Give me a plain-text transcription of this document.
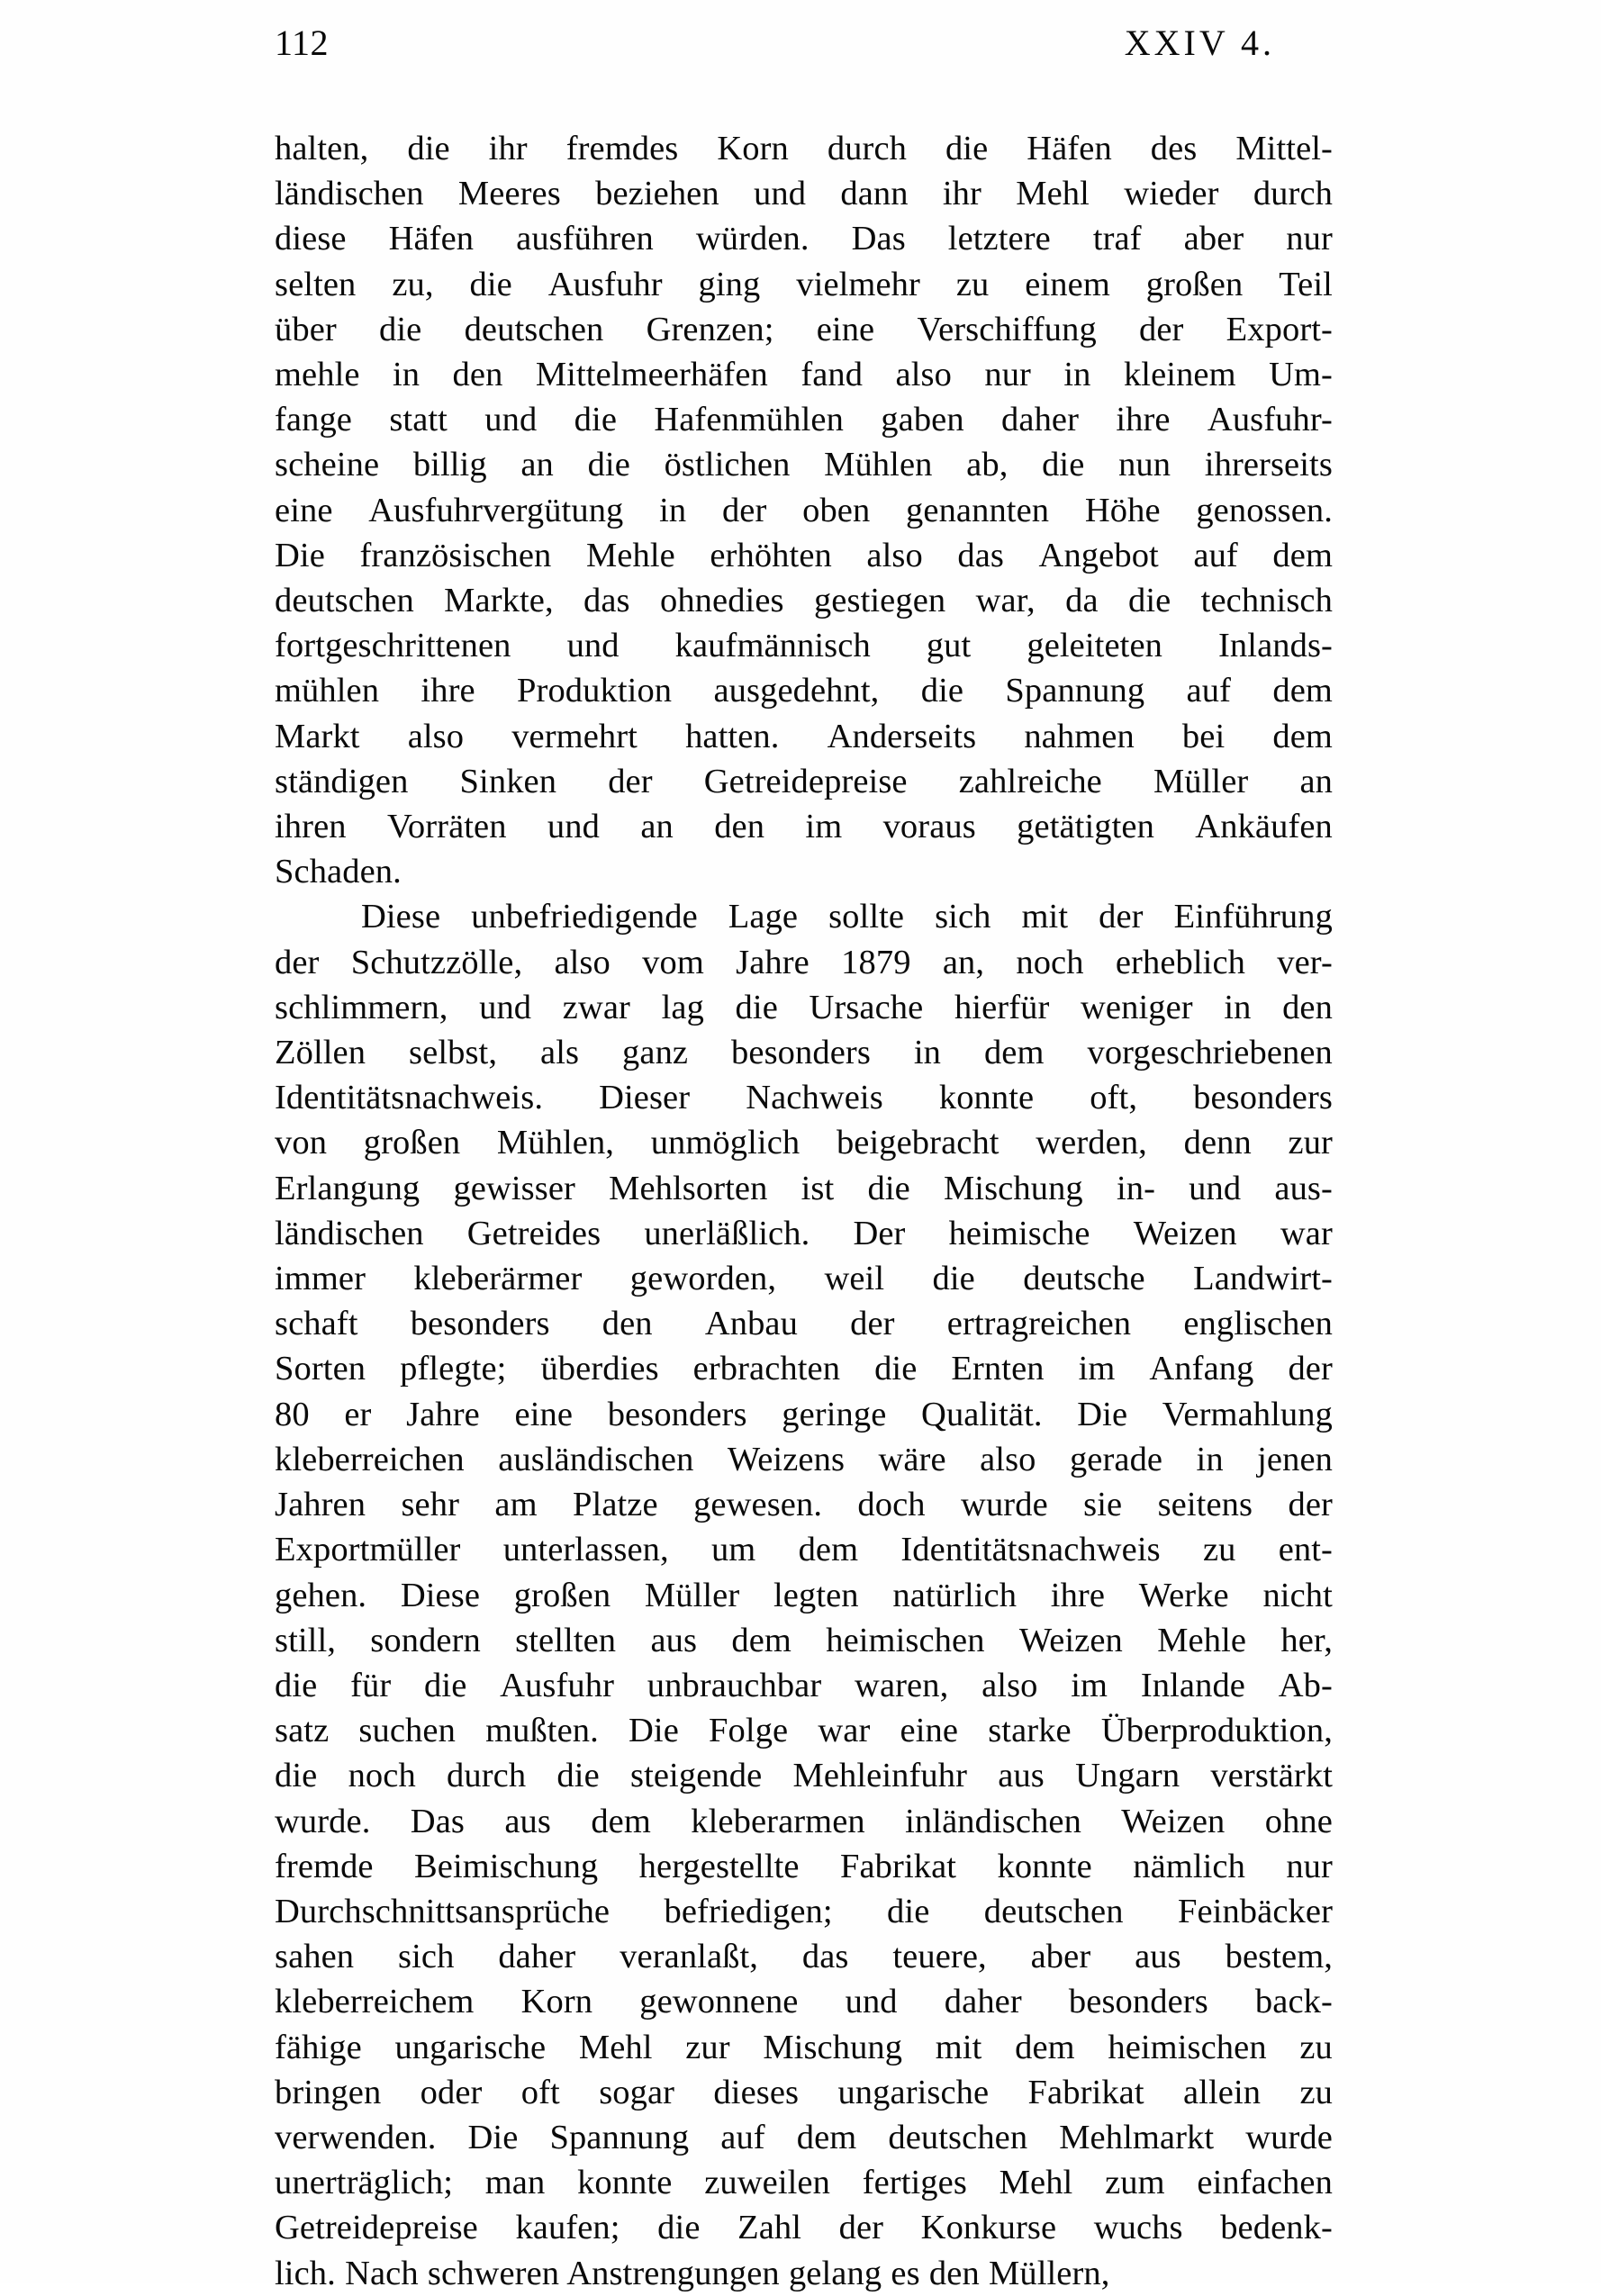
112	XXIV 4.

halten, die ihr fremdes Korn durch die Häfen des Mittel-
ländischen Meeres beziehen und dann ihr Mehl wieder durch
diese Häfen ausführen würden. Das letztere traf aber nur
selten zu, die Ausfuhr ging vielmehr zu einem großen Teil
über die deutschen Grenzen; eine Verschiffung der Export-
mehle in den Mittelmeerhäfen fand also nur in kleinem Um-
fange statt und die Hafenmühlen gaben daher ihre Ausfuhr-
scheine billig an die östlichen Mühlen ab, die nun ihrerseits
eine Ausfuhrvergütung in der oben genannten Höhe genossen.
Die französischen Mehle erhöhten also das Angebot auf dem
deutschen Markte, das ohnedies gestiegen war, da die technisch
fortgeschrittenen und kaufmännisch gut geleiteten Inlands-
mühlen ihre Produktion ausgedehnt, die Spannung auf dem
Markt also vermehrt hatten. Anderseits nahmen bei dem
ständigen Sinken der Getreidepreise zahlreiche Müller an
ihren Vorräten und an den im voraus getätigten Ankäufen
Schaden.

Diese unbefriedigende Lage sollte sich mit der Einführung
der Schutzzölle, also vom Jahre 1879 an, noch erheblich ver-
schlimmern, und zwar lag die Ursache hierfür weniger in den
Zöllen selbst, als ganz besonders in dem vorgeschriebenen
Identitätsnachweis. Dieser Nachweis konnte oft, besonders
von großen Mühlen, unmöglich beigebracht werden, denn zur
Erlangung gewisser Mehlsorten ist die Mischung in- und aus-
ländischen Getreides unerläßlich. Der heimische Weizen war
immer kleberärmer geworden, weil die deutsche Landwirt-
schaft besonders den Anbau der ertragreichen englischen
Sorten pflegte; überdies erbrachten die Ernten im Anfang der
80 er Jahre eine besonders geringe Qualität. Die Vermahlung
kleberreichen ausländischen Weizens wäre also gerade in jenen
Jahren sehr am Platze gewesen. doch wurde sie seitens der
Exportmüller unterlassen, um dem Identitätsnachweis zu ent-
gehen. Diese großen Müller legten natürlich ihre Werke nicht
still, sondern stellten aus dem heimischen Weizen Mehle her,
die für die Ausfuhr unbrauchbar waren, also im Inlande Ab-
satz suchen mußten. Die Folge war eine starke Überproduktion,
die noch durch die steigende Mehleinfuhr aus Ungarn verstärkt
wurde. Das aus dem kleberarmen inländischen Weizen ohne
fremde Beimischung hergestellte Fabrikat konnte nämlich nur
Durchschnittsansprüche befriedigen; die deutschen Feinbäcker
sahen sich daher veranlaßt, das teuere, aber aus bestem,
kleberreichem Korn gewonnene und daher besonders back-
fähige ungarische Mehl zur Mischung mit dem heimischen zu
bringen oder oft sogar dieses ungarische Fabrikat allein zu
verwenden. Die Spannung auf dem deutschen Mehlmarkt wurde
unerträglich; man konnte zuweilen fertiges Mehl zum einfachen
Getreidepreise kaufen; die Zahl der Konkurse wuchs bedenk-
lich. Nach schweren Anstrengungen gelang es den Müllern,
